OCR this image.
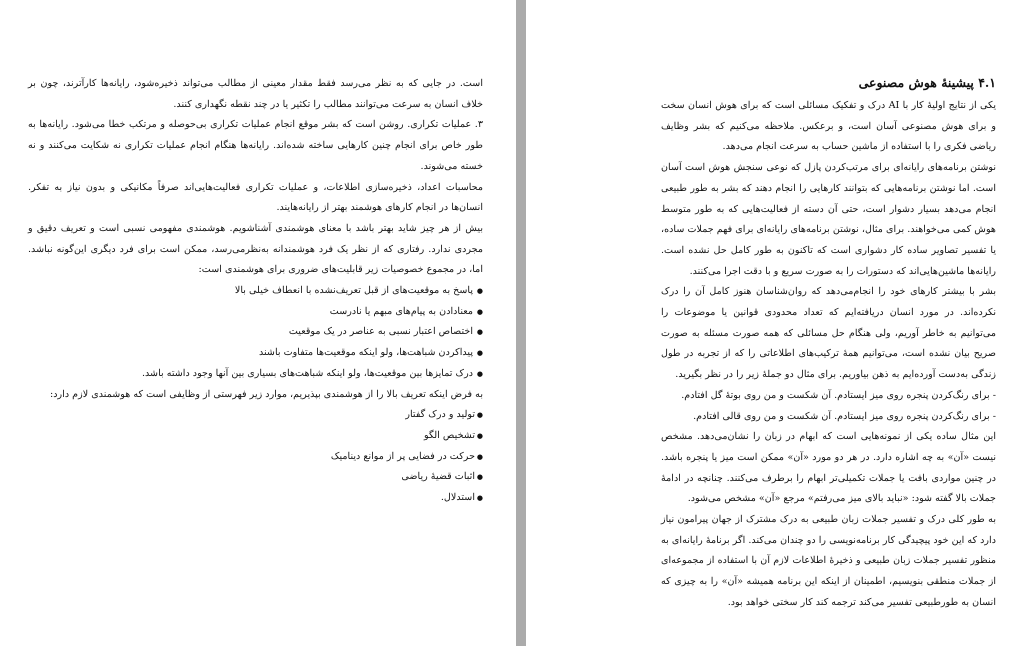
است. در جایی که به نظر می‌رسد فقط مقدار معینی از مطالب می‌تواند ذخیره‌شود، رایانه‌ها کارآترند، چون بر خلاف انسان به سرعت می‌توانند مطالب را تکثیر یا در چند نقطه نگهداری کنند.

۳. عملیات تکراری. روشن است که بشر موقع انجام عملیات تکراری بی‌حوصله و مرتکب خطا می‌شود. رایانه‌ها به طور خاص برای انجام چنین کارهایی ساخته شده‌اند. رایانه‌ها هنگام انجام عملیات تکراری نه شکایت می‌کنند و نه خسته می‌شوند.

محاسبات اعداد، ذخیره‌سازی اطلاعات، و عملیات تکراری فعالیت‌هایی‌اند صرفاً مکانیکی و بدون نیاز به تفکر. انسان‌ها در انجام کارهای هوشمند بهتر از رایانه‌هایند.

بیش از هر چیز شاید بهتر باشد با معنای هوشمندی آشناشویم. هوشمندی مفهومی نسبی است و تعریف دقیق و مجردی ندارد. رفتاری که از نظر یک فرد هوشمندانه به‌نظرمی‌رسد، ممکن است برای فرد دیگری این‌گونه نباشد. اما، در مجموع خصوصیات زیر قابلیت‌های ضروری برای هوشمندی است:

● پاسخ به موقعیت‌های از قبل تعریف‌نشده با انعطاف خیلی بالا
● معنادادن به پیام‌های مبهم یا نادرست
● اختصاص اعتبار نسبی به عناصر در یک موقعیت
● پیداکردن شباهت‌ها، ولو اینکه موقعیت‌ها متفاوت باشند
● درک تمایزها بین موقعیت‌ها، ولو اینکه شباهت‌های بسیاری بین آنها وجود داشته باشد.

به فرض اینکه تعریف بالا را از هوشمندی بپذیریم، موارد زیر فهرستی از وظایفی است که هوشمندی لازم دارد:

● تولید و درک گفتار
● تشخیص الگو
● حرکت در فضایی پر از موانع دینامیک
● اثبات قضیهٔ ریاضی
● استدلال.
۴.۱ پیشینهٔ هوش مصنوعی

یکی از نتایج اولیهٔ کار با AI درک و تفکیک مسائلی است که برای هوش انسان سخت و برای هوش مصنوعی آسان است، و برعکس. ملاحظه می‌کنیم که بشر وظایف ریاضی فکری را با استفاده از ماشین حساب به سرعت انجام می‌دهد.

نوشتن برنامه‌های رایانه‌ای برای مرتب‌کردن پازل که نوعی سنجش هوش است آسان است. اما نوشتن برنامه‌هایی که بتوانند کارهایی را انجام دهند که بشر به طور طبیعی انجام می‌دهد بسیار دشوار است، حتی آن دسته از فعالیت‌هایی که به طور متوسط هوش کمی می‌خواهند. برای مثال، نوشتن برنامه‌های رایانه‌ای برای فهم جملات ساده، یا تفسیر تصاویر ساده کار دشواری است که تاکنون به طور کامل حل نشده است. رایانه‌ها ماشین‌هایی‌اند که دستورات را به صورت سریع و با دقت اجرا می‌کنند.

بشر با بیشتر کارهای خود را انجام‌می‌دهد که روان‌شناسان هنوز کامل آن را درک نکرده‌اند. در مورد انسان دریافته‌ایم که تعداد محدودی قوانین یا موضوعات را می‌توانیم به خاطر آوریم، ولی هنگام حل مسائلی که همه صورت مسئله به صورت صریح بیان نشده است، می‌توانیم همهٔ ترکیب‌های اطلاعاتی را که از تجربه در طول زندگی به‌دست آورده‌ایم به ذهن بیاوریم. برای مثال دو جملهٔ زیر را در نظر بگیرید.

- برای رنگ‌کردن پنجره روی میز ایستادم. آن شکست و من روی بوتهٔ گل افتادم.

- برای رنگ‌کردن پنجره روی میز ایستادم. آن شکست و من روی قالی افتادم.

این مثال ساده یکی از نمونه‌هایی است که ابهام در زبان را نشان‌می‌دهد. مشخص نیست «آن» به چه اشاره دارد. در هر دو مورد «آن» ممکن است میز یا پنجره باشد. در چنین مواردی بافت یا جملات تکمیلی‌تر ابهام را برطرف می‌کنند. چنانچه در ادامهٔ جملات بالا گفته شود: «نباید بالای میز می‌رفتم» مرجع «آن» مشخص می‌شود.

به طور کلی درک و تفسیر جملات زبان طبیعی به درک مشترک از جهان پیرامون نیاز دارد که این خود پیچیدگی کار برنامه‌نویسی را دو چندان می‌کند. اگر برنامهٔ رایانه‌ای به منظور تفسیر جملات زبان طبیعی و ذخیرهٔ اطلاعات لازم آن با استفاده از مجموعه‌ای از جملات منطقی بنویسیم، اطمینان از اینکه این برنامه همیشه «آن» را به چیزی که انسان به طورطبیعی تفسیر می‌کند ترجمه کند کار سختی خواهد بود.
